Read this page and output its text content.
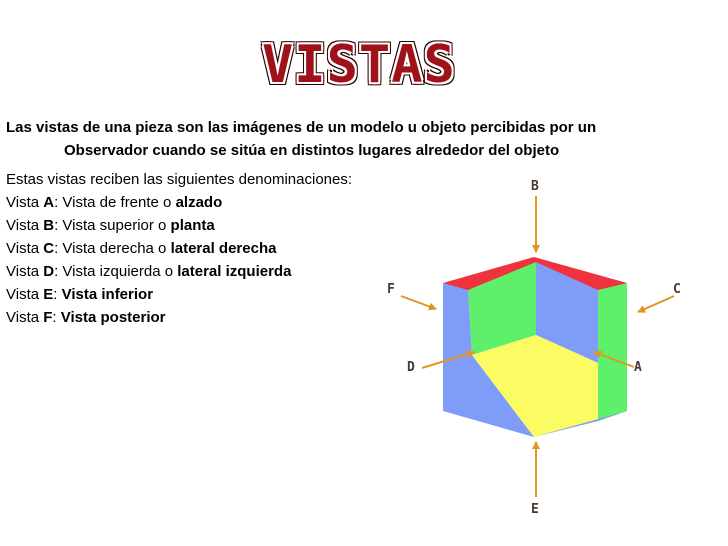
VISTAS
Las vistas de una pieza son las imágenes de un modelo u objeto percibidas por un
Observador cuando se sitúa en distintos lugares alrededor del objeto
Estas vistas reciben las siguientes denominaciones:
Vista A: Vista de frente o alzado
Vista B: Vista superior o planta
Vista C: Vista derecha o lateral derecha
Vista D: Vista izquierda o lateral izquierda
Vista E: Vista inferior
Vista F: Vista posterior
B
E
F	C
D	A
